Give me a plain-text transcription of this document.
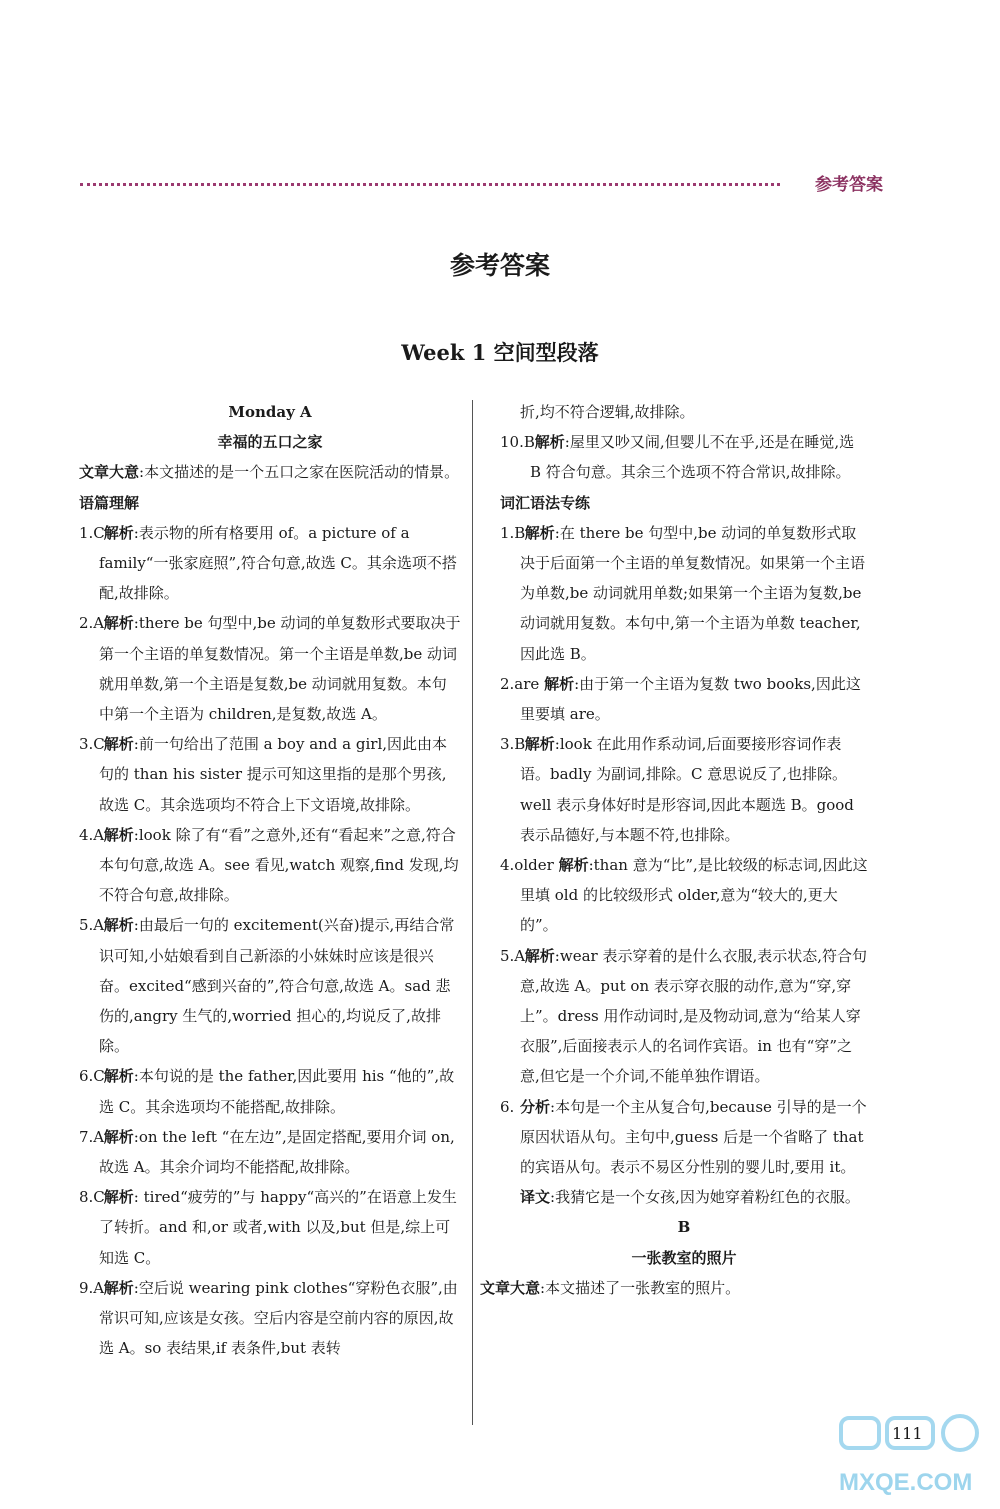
参考答案
参考答案
Week 1 空间型段落
Monday A
幸福的五口之家
文章大意:本文描述的是一个五口之家在医院活动的情景。
语篇理解
1.C 解析:表示物的所有格要用 of。a picture of a family“一张家庭照”,符合句意,故选 C。其余选项不搭配,故排除。
2.A 解析:there be 句型中,be 动词的单复数形式要取决于第一个主语的单复数情况。第一个主语是单数,be 动词就用单数,第一个主语是复数,be 动词就用复数。本句中第一个主语为 children,是复数,故选 A。
3.C 解析:前一句给出了范围 a boy and a girl,因此由本句的 than his sister 提示可知这里指的是那个男孩,故选 C。其余选项均不符合上下文语境,故排除。
4.A 解析:look 除了有“看”之意外,还有“看起来”之意,符合本句句意,故选 A。see 看见,watch 观察,find 发现,均不符合句意,故排除。
5.A 解析:由最后一句的 excitement(兴奋)提示,再结合常识可知,小姑娘看到自己新添的小妹妹时应该是很兴奋。excited“感到兴奋的”,符合句意,故选 A。sad 悲伤的,angry 生气的,worried 担心的,均说反了,故排除。
6.C 解析:本句说的是 the father,因此要用 his “他的”,故选 C。其余选项均不能搭配,故排除。
7.A 解析:on the left “在左边”,是固定搭配,要用介词 on,故选 A。其余介词均不能搭配,故排除。
8.C 解析: tired“疲劳的”与 happy“高兴的”在语意上发生了转折。and 和,or 或者,with 以及,but 但是,综上可知选 C。
9.A 解析:空后说 wearing pink clothes“穿粉色衣服”,由常识可知,应该是女孩。空后内容是空前内容的原因,故选 A。so 表结果,if 表条件,but 表转
折,均不符合逻辑,故排除。
10.B 解析:屋里又吵又闹,但婴儿不在乎,还是在睡觉,选 B 符合句意。其余三个选项不符合常识,故排除。
词汇语法专练
1.B 解析:在 there be 句型中,be 动词的单复数形式取决于后面第一个主语的单复数情况。如果第一个主语为单数,be 动词就用单数;如果第一个主语为复数,be 动词就用复数。本句中,第一个主语为单数 teacher,因此选 B。
2.are 解析:由于第一个主语为复数 two books,因此这里要填 are。
3.B 解析:look 在此用作系动词,后面要接形容词作表语。badly 为副词,排除。C 意思说反了,也排除。well 表示身体好时是形容词,因此本题选 B。good 表示品德好,与本题不符,也排除。
4.older 解析:than 意为“比”,是比较级的标志词,因此这里填 old 的比较级形式 older,意为“较大的,更大的”。
5.A 解析:wear 表示穿着的是什么衣服,表示状态,符合句意,故选 A。put on 表示穿衣服的动作,意为“穿,穿上”。dress 用作动词时,是及物动词,意为“给某人穿衣服”,后面接表示人的名词作宾语。in 也有“穿”之意,但它是一个介词,不能单独作谓语。
6. 分析:本句是一个主从复合句,because 引导的是一个原因状语从句。主句中,guess 后是一个省略了 that 的宾语从句。表示不易区分性别的婴儿时,要用 it。
译文:我猜它是一个女孩,因为她穿着粉红色的衣服。
B
一张教室的照片
文章大意:本文描述了一张教室的照片。
111
MXQE.COM
